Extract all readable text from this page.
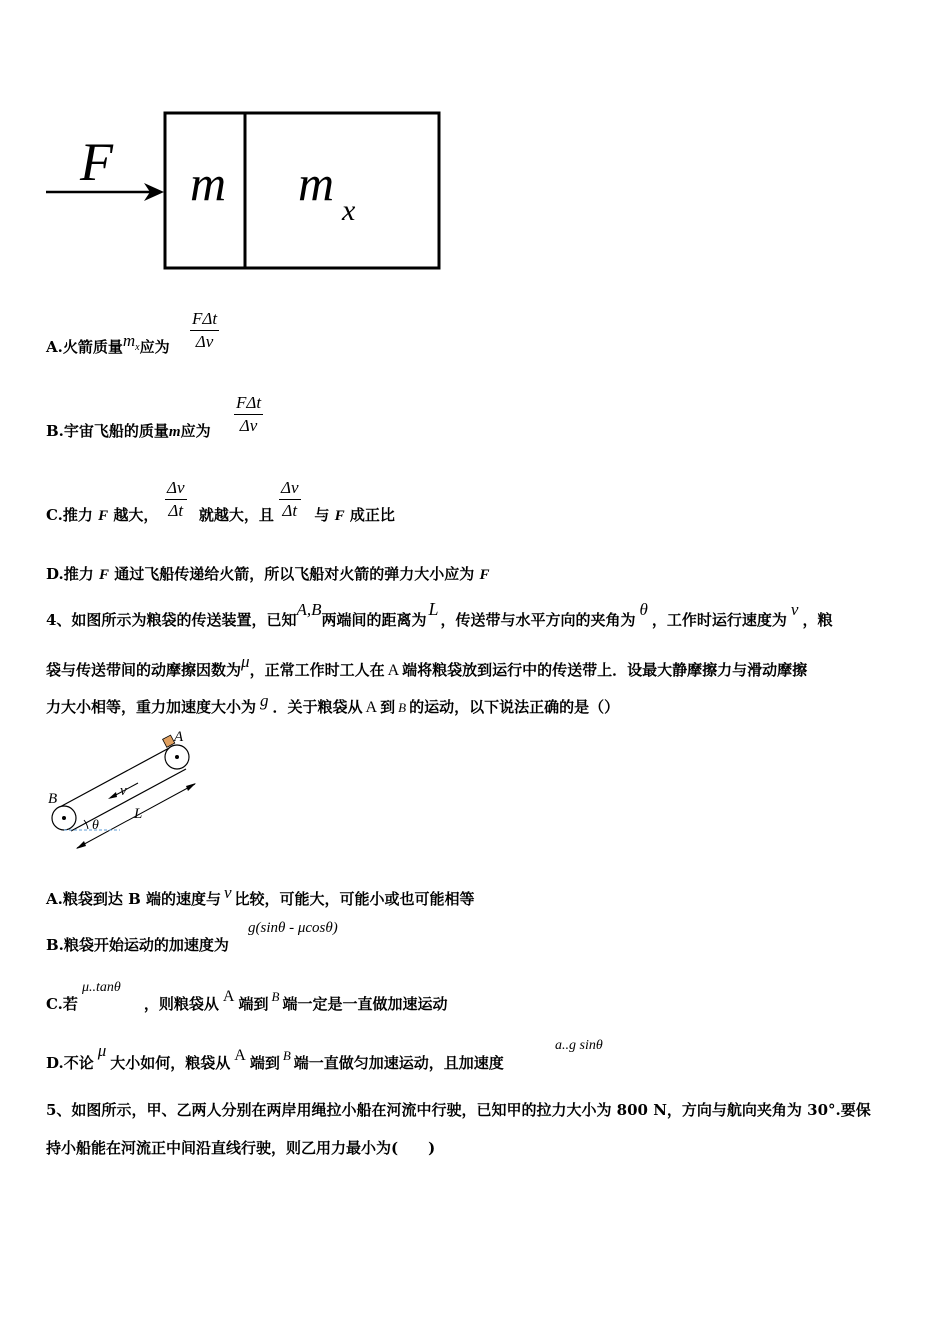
F m m x
A.火箭质量mx应为
FΔt
Δv
B.宇宙飞船的质量m应为
FΔt
Δv
C.推力 F 越大，	就越大，且	与 F 成正比
$\frac{\Delta v}{\Delta t}$	$\frac{\Delta v}{\Delta t}$
D.推力 F 通过飞船传递给火箭，所以飞船对火箭的弹力大小应为 F
4、如图所示为粮袋的传送装置，已知A,B两端间的距离为L，传送带与水平方向的夹角为θ，工作时运行速度为v，粮
袋与传送带间的动摩擦因数为μ，正常工作时工人在 A 端将粮袋放到运行中的传送带上．设最大静摩擦力与滑动摩擦
力大小相等，重力加速度大小为 g ．关于粮袋从 A 到 B 的运动，以下说法正确的是（）
A
B	v
L
θ
A.粮袋到达 B 端的速度与 v 比较，可能大，可能小或也可能相等
B.粮袋开始运动的加速度为
g(sinθ - μcosθ)
C.若	，则粮袋从 A 端到 B 端一定是一直做加速运动
μ..tanθ
D.不论μ大小如何，粮袋从 A 端到 B 端一直做匀加速运动，且加速度
a..g sinθ
5、如图所示，甲、乙两人分别在两岸用绳拉小船在河流中行驶，已知甲的拉力大小为 800 N，方向与航向夹角为 30°.要保
持小船能在河流正中间沿直线行驶，则乙用力最小为(　　)
